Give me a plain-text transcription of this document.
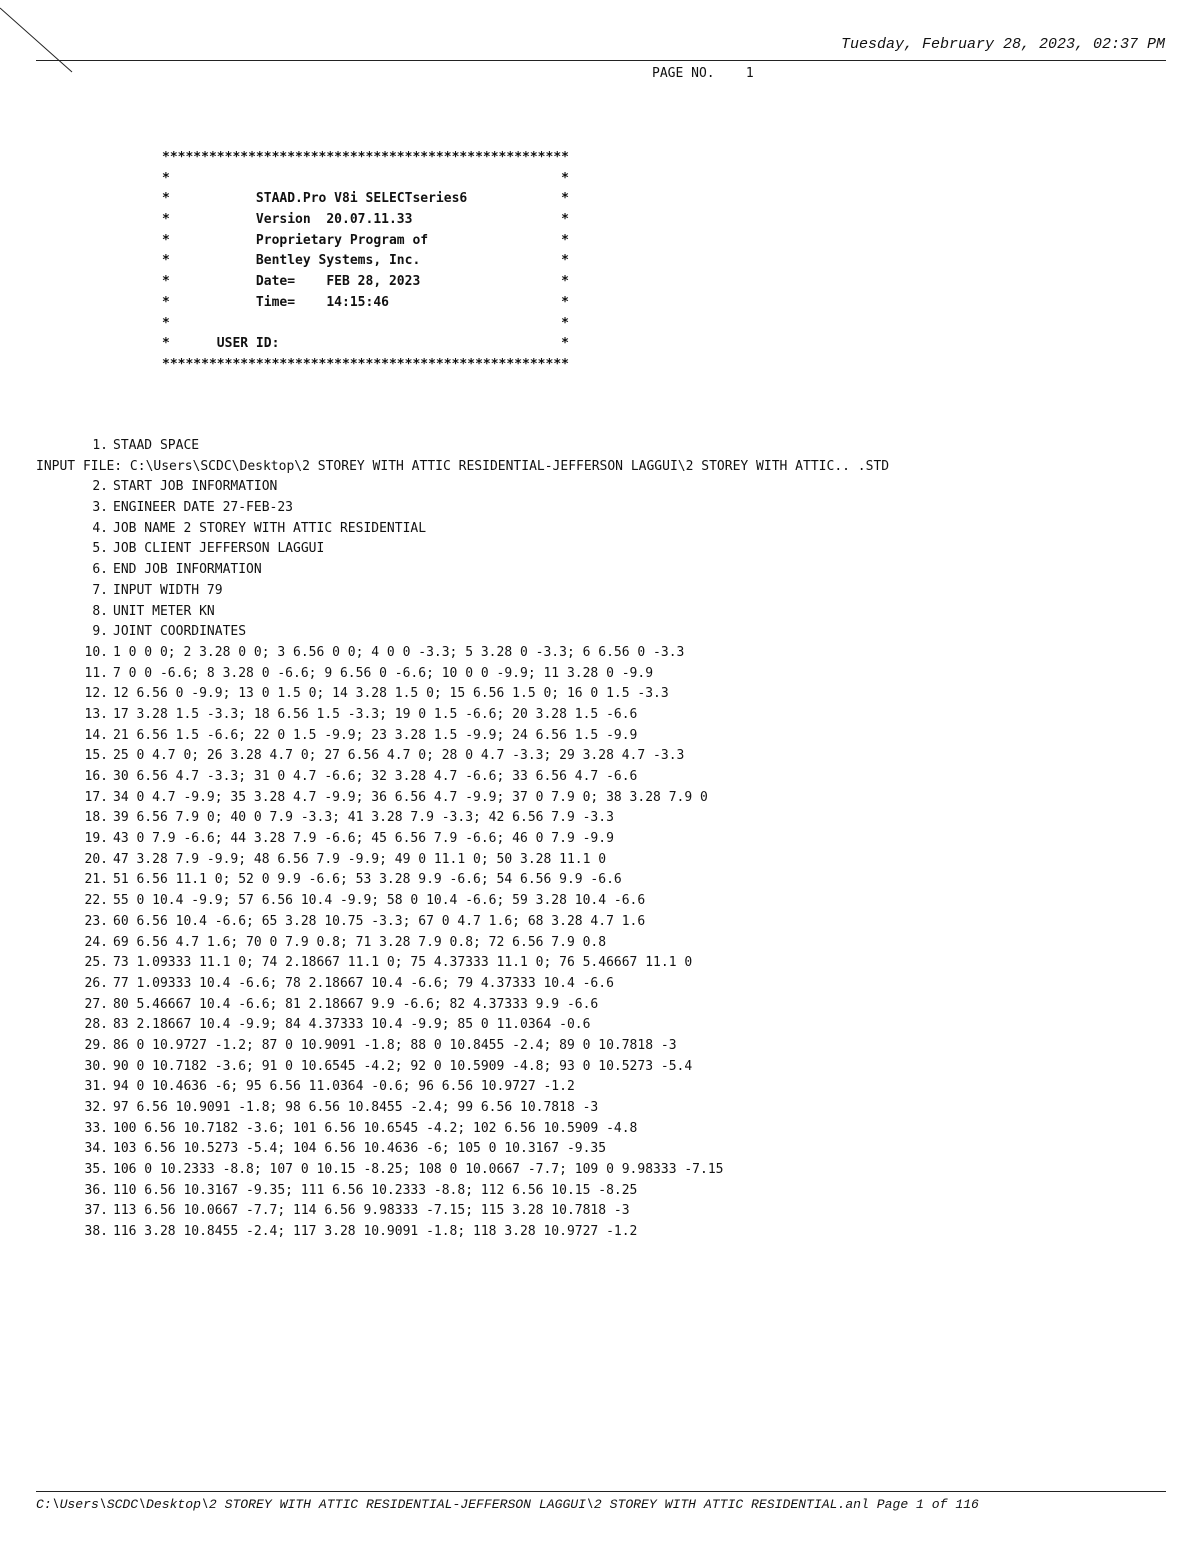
Tuesday, February 28, 2023, 02:37 PM
PAGE NO.    1
****************************************************
*                                                  *
*           STAAD.Pro V8i SELECTseries6            *
*           Version  20.07.11.33                   *
*           Proprietary Program of                 *
*           Bentley Systems, Inc.                  *
*           Date=    FEB 28, 2023                  *
*           Time=    14:15:46                      *
*                                                  *
*      USER ID:                                    *
****************************************************
1. STAAD SPACE
INPUT FILE: C:\Users\SCDC\Desktop\2 STOREY WITH ATTIC RESIDENTIAL-JEFFERSON LAGGUI\2 STOREY WITH ATTIC.. .STD
2. START JOB INFORMATION
3. ENGINEER DATE 27-FEB-23
4. JOB NAME 2 STOREY WITH ATTIC RESIDENTIAL
5. JOB CLIENT JEFFERSON LAGGUI
6. END JOB INFORMATION
7. INPUT WIDTH 79
8. UNIT METER KN
9. JOINT COORDINATES
10. 1 0 0 0; 2 3.28 0 0; 3 6.56 0 0; 4 0 0 -3.3; 5 3.28 0 -3.3; 6 6.56 0 -3.3
11. 7 0 0 -6.6; 8 3.28 0 -6.6; 9 6.56 0 -6.6; 10 0 0 -9.9; 11 3.28 0 -9.9
12. 12 6.56 0 -9.9; 13 0 1.5 0; 14 3.28 1.5 0; 15 6.56 1.5 0; 16 0 1.5 -3.3
13. 17 3.28 1.5 -3.3; 18 6.56 1.5 -3.3; 19 0 1.5 -6.6; 20 3.28 1.5 -6.6
14. 21 6.56 1.5 -6.6; 22 0 1.5 -9.9; 23 3.28 1.5 -9.9; 24 6.56 1.5 -9.9
15. 25 0 4.7 0; 26 3.28 4.7 0; 27 6.56 4.7 0; 28 0 4.7 -3.3; 29 3.28 4.7 -3.3
16. 30 6.56 4.7 -3.3; 31 0 4.7 -6.6; 32 3.28 4.7 -6.6; 33 6.56 4.7 -6.6
17. 34 0 4.7 -9.9; 35 3.28 4.7 -9.9; 36 6.56 4.7 -9.9; 37 0 7.9 0; 38 3.28 7.9 0
18. 39 6.56 7.9 0; 40 0 7.9 -3.3; 41 3.28 7.9 -3.3; 42 6.56 7.9 -3.3
19. 43 0 7.9 -6.6; 44 3.28 7.9 -6.6; 45 6.56 7.9 -6.6; 46 0 7.9 -9.9
20. 47 3.28 7.9 -9.9; 48 6.56 7.9 -9.9; 49 0 11.1 0; 50 3.28 11.1 0
21. 51 6.56 11.1 0; 52 0 9.9 -6.6; 53 3.28 9.9 -6.6; 54 6.56 9.9 -6.6
22. 55 0 10.4 -9.9; 57 6.56 10.4 -9.9; 58 0 10.4 -6.6; 59 3.28 10.4 -6.6
23. 60 6.56 10.4 -6.6; 65 3.28 10.75 -3.3; 67 0 4.7 1.6; 68 3.28 4.7 1.6
24. 69 6.56 4.7 1.6; 70 0 7.9 0.8; 71 3.28 7.9 0.8; 72 6.56 7.9 0.8
25. 73 1.09333 11.1 0; 74 2.18667 11.1 0; 75 4.37333 11.1 0; 76 5.46667 11.1 0
26. 77 1.09333 10.4 -6.6; 78 2.18667 10.4 -6.6; 79 4.37333 10.4 -6.6
27. 80 5.46667 10.4 -6.6; 81 2.18667 9.9 -6.6; 82 4.37333 9.9 -6.6
28. 83 2.18667 10.4 -9.9; 84 4.37333 10.4 -9.9; 85 0 11.0364 -0.6
29. 86 0 10.9727 -1.2; 87 0 10.9091 -1.8; 88 0 10.8455 -2.4; 89 0 10.7818 -3
30. 90 0 10.7182 -3.6; 91 0 10.6545 -4.2; 92 0 10.5909 -4.8; 93 0 10.5273 -5.4
31. 94 0 10.4636 -6; 95 6.56 11.0364 -0.6; 96 6.56 10.9727 -1.2
32. 97 6.56 10.9091 -1.8; 98 6.56 10.8455 -2.4; 99 6.56 10.7818 -3
33. 100 6.56 10.7182 -3.6; 101 6.56 10.6545 -4.2; 102 6.56 10.5909 -4.8
34. 103 6.56 10.5273 -5.4; 104 6.56 10.4636 -6; 105 0 10.3167 -9.35
35. 106 0 10.2333 -8.8; 107 0 10.15 -8.25; 108 0 10.0667 -7.7; 109 0 9.98333 -7.15
36. 110 6.56 10.3167 -9.35; 111 6.56 10.2333 -8.8; 112 6.56 10.15 -8.25
37. 113 6.56 10.0667 -7.7; 114 6.56 9.98333 -7.15; 115 3.28 10.7818 -3
38. 116 3.28 10.8455 -2.4; 117 3.28 10.9091 -1.8; 118 3.28 10.9727 -1.2
C:\Users\SCDC\Desktop\2 STOREY WITH ATTIC RESIDENTIAL-JEFFERSON LAGGUI\2 STOREY WITH ATTIC RESIDENTIAL.anl Page 1 of 116
